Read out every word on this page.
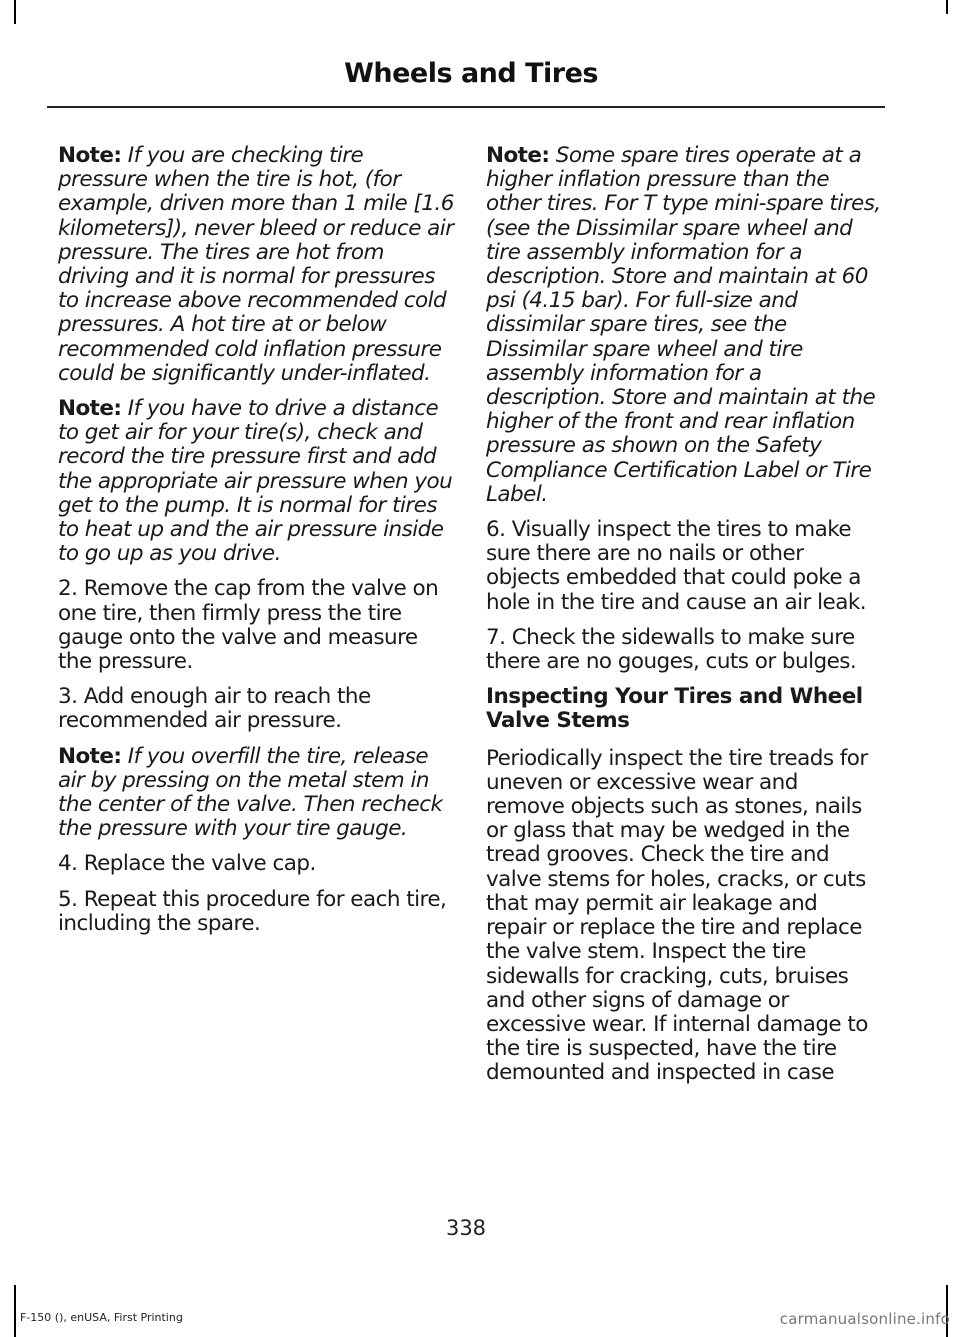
Wheels and Tires

Note: If you are checking tire pressure when the tire is hot, (for example, driven more than 1 mile [1.6 kilometers]), never bleed or reduce air pressure. The tires are hot from driving and it is normal for pressures to increase above recommended cold pressures. A hot tire at or below recommended cold inflation pressure could be significantly under-inflated.

Note: If you have to drive a distance to get air for your tire(s), check and record the tire pressure first and add the appropriate air pressure when you get to the pump. It is normal for tires to heat up and the air pressure inside to go up as you drive.

2. Remove the cap from the valve on one tire, then firmly press the tire gauge onto the valve and measure the pressure.

3. Add enough air to reach the recommended air pressure.

Note: If you overfill the tire, release air by pressing on the metal stem in the center of the valve. Then recheck the pressure with your tire gauge.

4. Replace the valve cap.

5. Repeat this procedure for each tire, including the spare.

Note: Some spare tires operate at a higher inflation pressure than the other tires. For T type mini-spare tires, (see the Dissimilar spare wheel and tire assembly information for a description. Store and maintain at 60 psi (4.15 bar). For full-size and dissimilar spare tires, see the Dissimilar spare wheel and tire assembly information for a description. Store and maintain at the higher of the front and rear inflation pressure as shown on the Safety Compliance Certification Label or Tire Label.

6. Visually inspect the tires to make sure there are no nails or other objects embedded that could poke a hole in the tire and cause an air leak.

7. Check the sidewalls to make sure there are no gouges, cuts or bulges.

Inspecting Your Tires and Wheel Valve Stems

Periodically inspect the tire treads for uneven or excessive wear and remove objects such as stones, nails or glass that may be wedged in the tread grooves. Check the tire and valve stems for holes, cracks, or cuts that may permit air leakage and repair or replace the tire and replace the valve stem. Inspect the tire sidewalls for cracking, cuts, bruises and other signs of damage or excessive wear. If internal damage to the tire is suspected, have the tire demounted and inspected in case

338
F-150 (), enUSA, First Printing	carmanualsonline.info
